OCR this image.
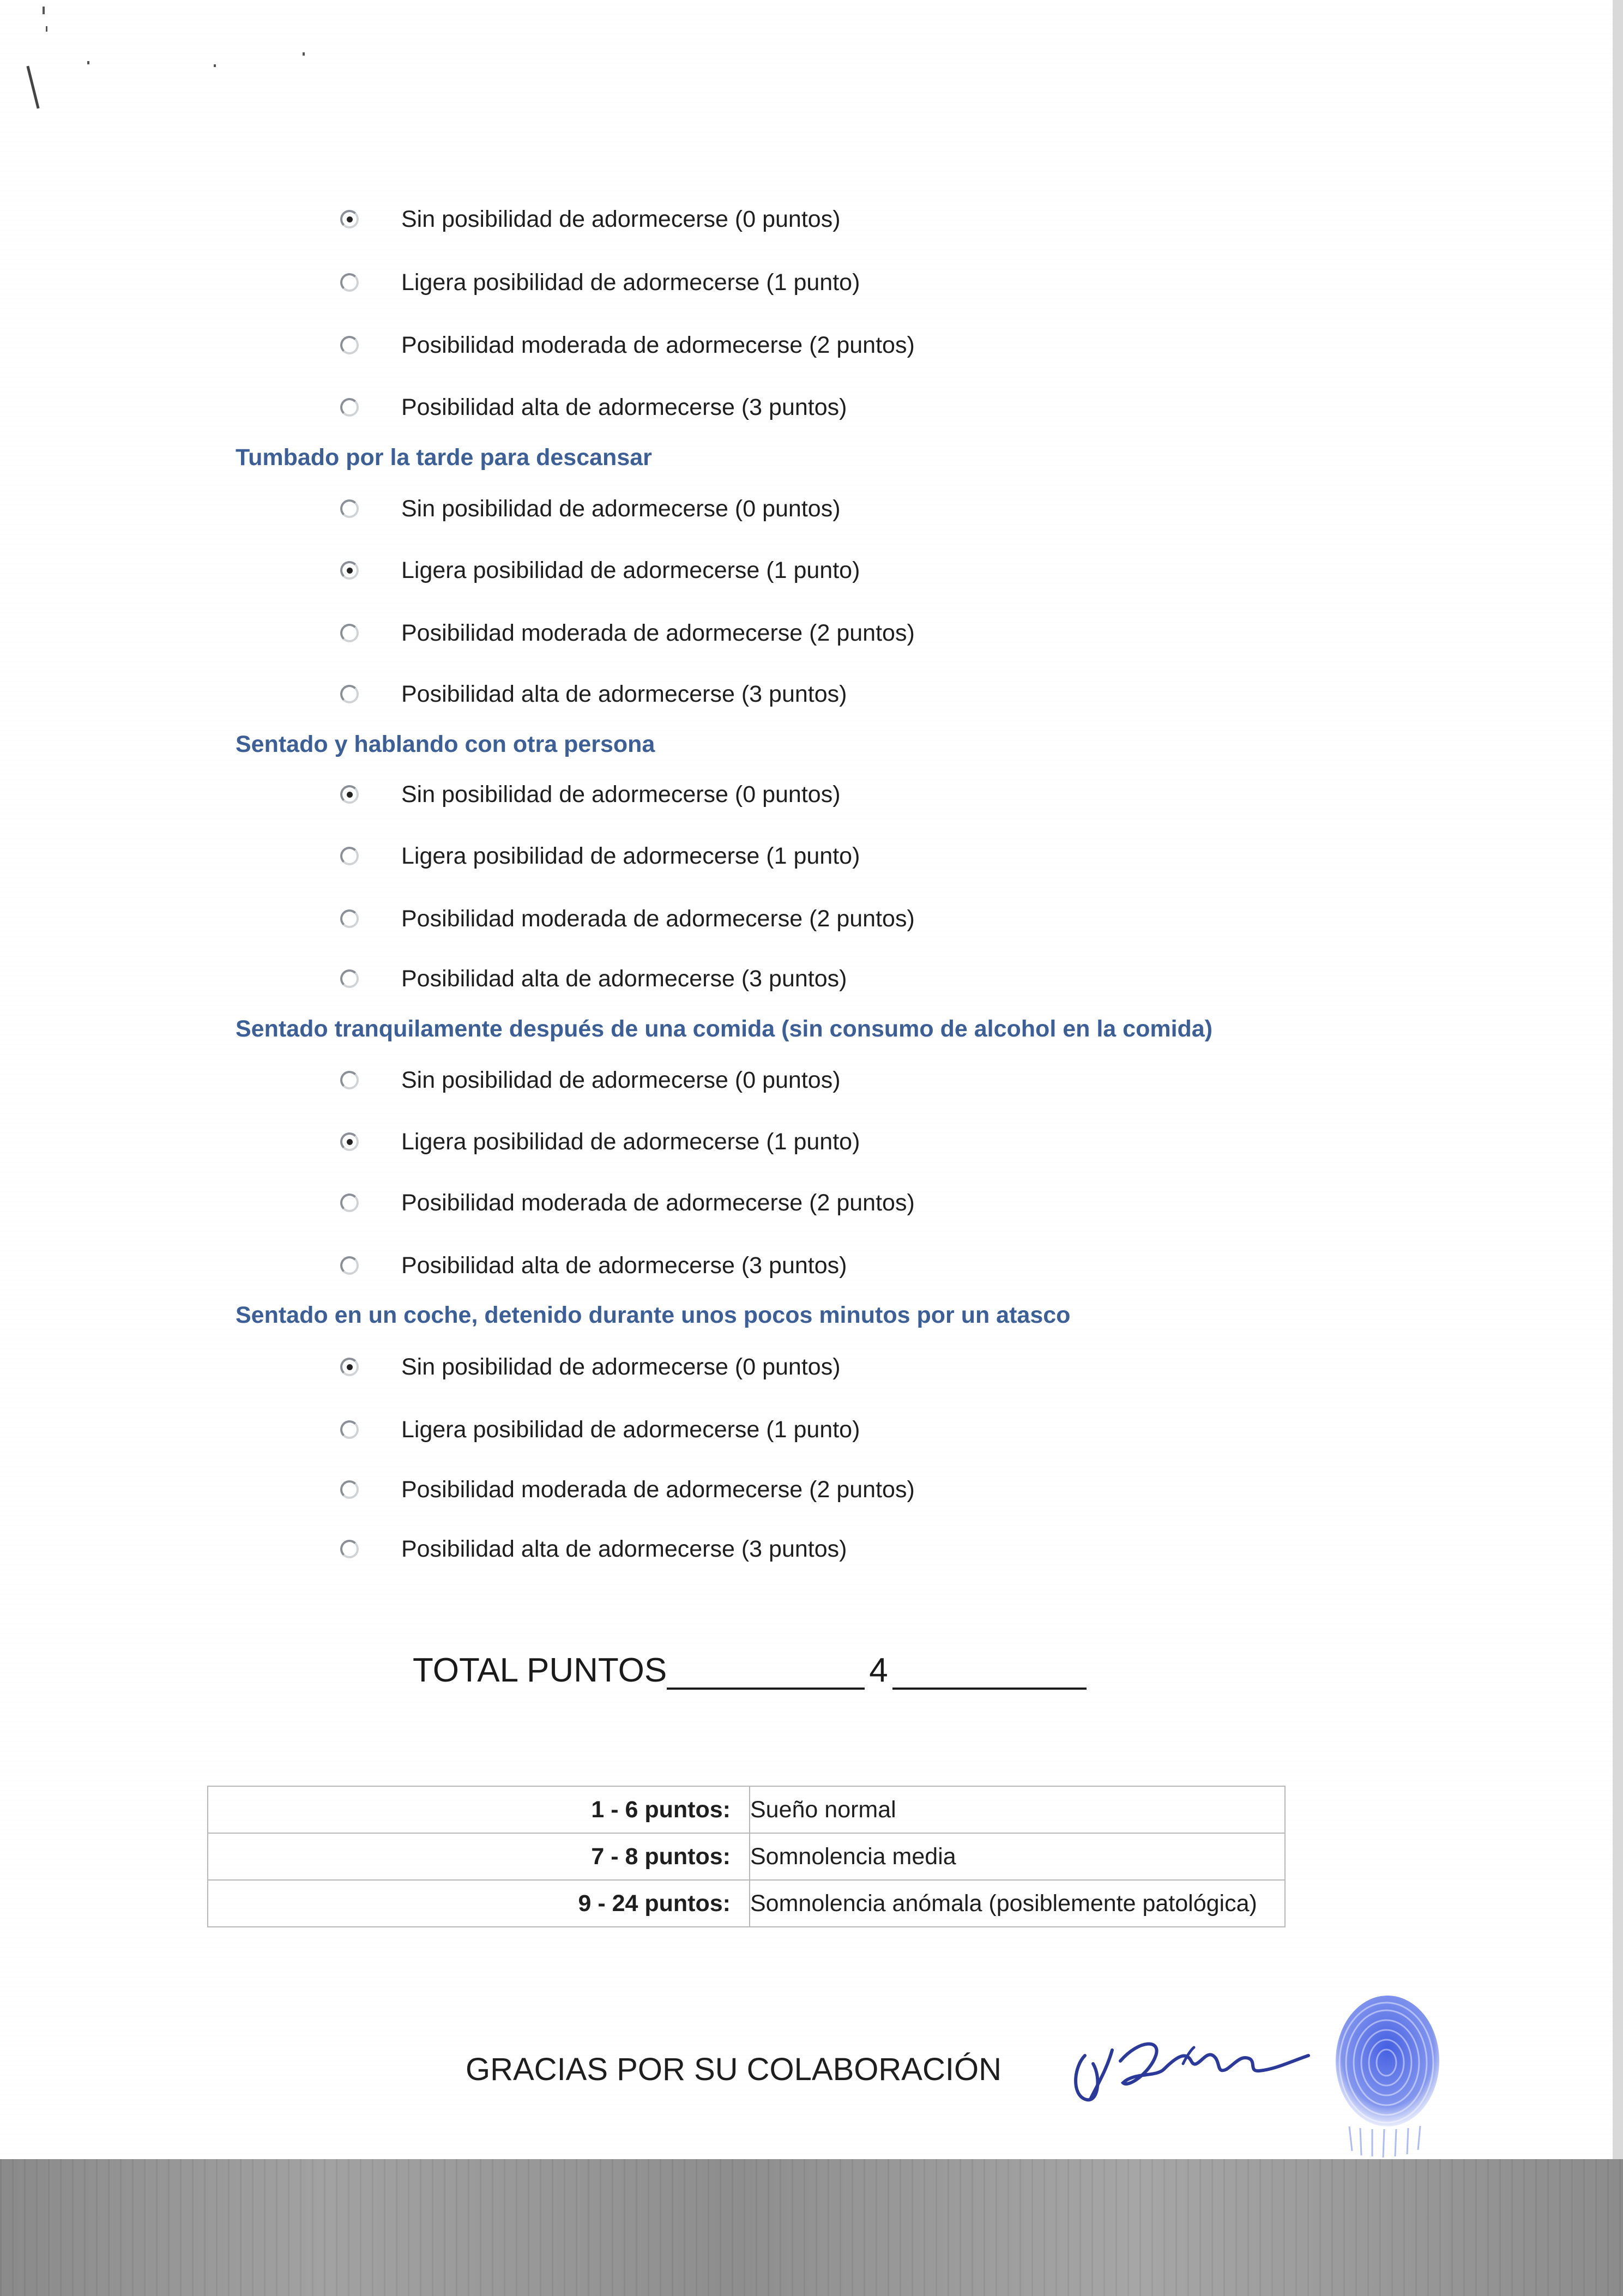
Sin posibilidad de adormecerse (0 puntos)
Ligera posibilidad de adormecerse (1 punto)
Posibilidad moderada de adormecerse (2 puntos)
Posibilidad alta de adormecerse (3 puntos)
Tumbado por la tarde para descansar
Sin posibilidad de adormecerse (0 puntos)
Ligera posibilidad de adormecerse (1 punto)
Posibilidad moderada de adormecerse (2 puntos)
Posibilidad alta de adormecerse (3 puntos)
Sentado y hablando con otra persona
Sin posibilidad de adormecerse (0 puntos)
Ligera posibilidad de adormecerse (1 punto)
Posibilidad moderada de adormecerse (2 puntos)
Posibilidad alta de adormecerse (3 puntos)
Sentado tranquilamente después de una comida (sin consumo de alcohol en la comida)
Sin posibilidad de adormecerse (0 puntos)
Ligera posibilidad de adormecerse (1 punto)
Posibilidad moderada de adormecerse (2 puntos)
Posibilidad alta de adormecerse (3 puntos)
Sentado en un coche, detenido durante unos pocos minutos por un atasco
Sin posibilidad de adormecerse (0 puntos)
Ligera posibilidad de adormecerse (1 punto)
Posibilidad moderada de adormecerse (2 puntos)
Posibilidad alta de adormecerse (3 puntos)
TOTAL PUNTOS	4
1 - 6 puntos:	Sueño normal
7 - 8 puntos:	Somnolencia media
9 - 24 puntos:	Somnolencia anómala (posiblemente patológica)
GRACIAS POR SU COLABORACIÓN
